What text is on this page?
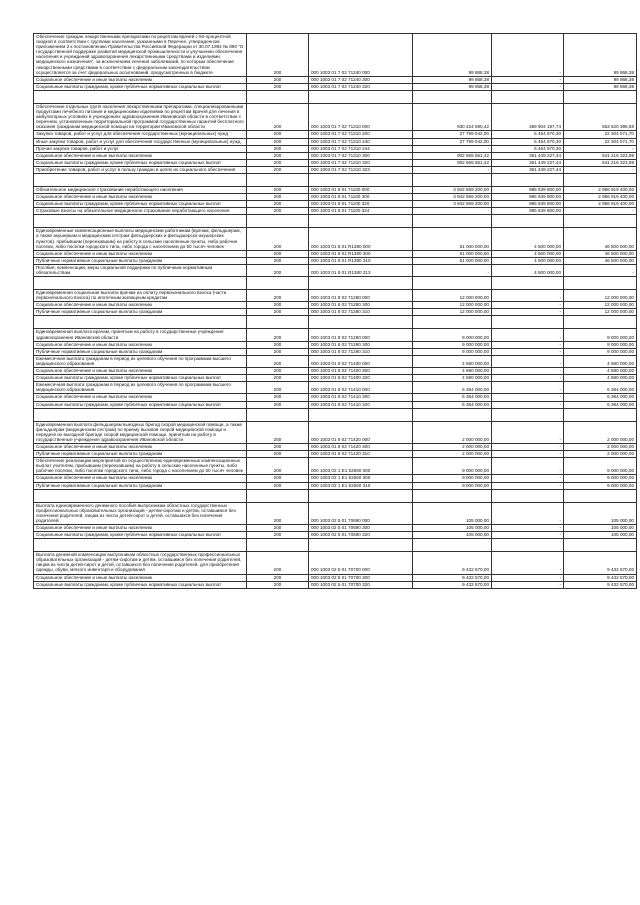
Обеспечение граждан лекарственными препаратами по рецептам врачей с 50-процентной скидкой в соответствии с группами населения, указанными в Перечне, утвержденном приложением 2 к постановлению Правительства Российской Федерации от 30.07.1994 № 890 "О государственной поддержке развития медицинской промышленности и улучшении обеспечения населения и учреждений здравоохранения лекарственными средствами и изделиями медицинского назначения", за исключением лечения заболеваний, по которым обеспечение лекарственными средствами в соответствии с федеральным законодательством осуществляется за счет федеральных ассигнований, предусмотренных в бюджете	200	000 1003 01 7 02 71240 000	99 868,38	-	99 868,38
Социальное обеспечение и иные выплаты населению	200	000 1003 01 7 02 71240 300	99 868,38	-	99 868,38
Социальные выплаты гражданам, кроме публичных нормативных социальных выплат	200	000 1003 01 7 02 71240 320	99 868,38	-	99 868,38

Обеспечение отдельных групп населения лекарственными препаратами, специализированными продуктами лечебного питания и медицинскими изделиями по рецептам врачей для лечения в амбулаторных условиях в учреждениях здравоохранения Ивановской области в соответствии с перечнем, установленным территориальной программой государственных гарантий бесплатного оказания гражданам медицинской помощи на территории Ивановской области	200	000 1003 01 7 02 71310 000	930 424 590,42	369 904 197,74	563 520 395,68
Закупка товаров, работ и услуг для обеспечения государственных (муниципальных) нужд	200	000 1003 01 7 02 71310 200	27 759 042,00	5 454 970,30	22 304 071,70
Иные закупки товаров, работ и услуг для обеспечения государственных (муниципальных) нужд	200	000 1003 01 7 02 71310 240	27 759 042,00	5 454 970,30	22 304 071,70
Прочая закупка товаров, работ и услуг	200	000 1003 01 7 02 71310 244	-	5 454 970,30	-
Социальное обеспечение и иные выплаты населению	200	000 1003 01 7 02 71310 300	902 665 551,42	361 449 227,44	541 216 323,98
Социальные выплаты гражданам, кроме публичных нормативных социальных выплат	200	000 1003 01 7 02 71310 320	902 665 551,42	361 449 227,44	541 216 323,98
Приобретение товаров, работ и услуг в пользу граждан в целях их социального обеспечения	200	000 1003 01 7 02 71310 323	-	361 449 227,44	-

Обязательное медицинское страхование неработающего населения	200	000 1003 01 8 01 71100 000	3 942 559 200,00	985 639 800,00	2 956 919 400,00
Социальное обеспечение и иные выплаты населению	200	000 1003 01 8 01 71100 300	3 942 559 200,00	985 639 800,00	2 956 919 400,00
Социальные выплаты гражданам, кроме публичных нормативных социальных выплат	200	000 1003 01 8 01 71100 320	3 942 559 200,00	985 639 800,00	2 956 919 400,00
Страховые взносы на обязательное медицинское страхование неработающего населения	200	000 1003 01 8 01 71100 324	-	985 639 800,00	-

Единовременные компенсационные выплаты медицинским работникам (врачам, фельдшерам, а также акушеркам и медицинским сестрам фельдшерских и фельдшерско-акушерских пунктов), прибывшим (переехавшим) на работу в сельские населенные пункты, либо рабочие поселки, либо поселки городского типа, либо города с населением до 50 тысяч человек	200	000 1003 01 8 01 R1380 000	51 000 000,00	4 500 000,00	46 500 000,00
Социальное обеспечение и иные выплаты населению	200	000 1003 01 8 01 R1380 300	51 000 000,00	4 500 000,00	46 500 000,00
Публичные нормативные социальные выплаты гражданам	200	000 1003 01 8 01 R1380 310	51 000 000,00	4 500 000,00	46 500 000,00
Пособия, компенсации, меры социальной поддержки по публичным нормативным обязательствам	200	000 1003 01 8 01 R1380 313	-	4 500 000,00	-

Единовременная социальная выплата врачам на оплату первоначального взноса (части первоначального взноса) по ипотечным жилищным кредитам	200	000 1003 01 8 02 71280 000	12 000 000,00	-	12 000 000,00
Социальное обеспечение и иные выплаты населению	200	000 1003 01 8 02 71280 300	12 000 000,00	-	12 000 000,00
Публичные нормативные социальные выплаты гражданам	200	000 1003 01 8 02 71280 310	12 000 000,00	-	12 000 000,00

Единовременная выплата врачам, принятым на работу в государственные учреждения здравоохранения Ивановской области	200	000 1003 01 8 02 71290 000	9 000 000,00	-	9 000 000,00
Социальное обеспечение и иные выплаты населению	200	000 1003 01 8 02 71290 300	9 000 000,00	-	9 000 000,00
Публичные нормативные социальные выплаты гражданам	200	000 1003 01 8 02 71290 310	9 000 000,00	-	9 000 000,00
Ежемесячная выплата гражданам в период их целевого обучения по программам высшего медицинского образования	200	000 1003 01 8 02 71400 000	4 680 000,00	-	4 680 000,00
Социальное обеспечение и иные выплаты населению	200	000 1003 01 8 02 71400 300	4 680 000,00	-	4 680 000,00
Социальные выплаты гражданам, кроме публичных нормативных социальных выплат	200	000 1003 01 8 02 71400 320	4 680 000,00	-	4 680 000,00
Ежемесячная выплата гражданам в период их целевого обучения по программам высшего медицинского образования	200	000 1003 01 8 02 71410 000	6 384 000,00	-	6 384 000,00
Социальное обеспечение и иные выплаты населению	200	000 1003 01 8 02 71410 300	6 384 000,00	-	6 384 000,00
Социальные выплаты гражданам, кроме публичных нормативных социальных выплат	200	000 1003 01 8 02 71410 320	6 384 000,00	-	6 384 000,00

Единовременная выплата фельдшерам выездных бригад скорой медицинской помощи, а также фельдшерам (медицинским сестрам) по приему вызовов скорой медицинской помощи и передаче их выездной бригаде скорой медицинской помощи, принятым на работу в государственные учреждения здравоохранения Ивановской области	200	000 1003 01 8 02 71420 000	2 000 000,00	-	2 000 000,00
Социальное обеспечение и иные выплаты населению	200	000 1003 01 8 02 71420 300	2 000 000,00	-	2 000 000,00
Публичные нормативные социальные выплаты гражданам	200	000 1003 01 8 02 71420 310	2 000 000,00	-	2 000 000,00
Обеспечение реализации мероприятий по осуществлению единовременных компенсационных выплат учителям, прибывшим (переехавшим) на работу в сельские населенные пункты, либо рабочие поселки, либо поселки городского типа, либо города с населением до 50 тысяч человек	200	000 1003 02 1 E1 52560 000	9 000 000,00	-	9 000 000,00
Социальное обеспечение и иные выплаты населению	200	000 1003 02 1 E1 52560 300	9 000 000,00	-	9 000 000,00
Публичные нормативные социальные выплаты гражданам	200	000 1003 02 1 E1 52560 310	9 000 000,00	-	9 000 000,00

Выплата единовременного денежного пособия выпускникам областных государственных профессиональных образовательных организаций - детям-сиротам и детям, оставшимся без попечения родителей, лицам из числа детей-сирот и детей, оставшихся без попечения родителей	200	000 1003 02 5 01 70690 000	105 000,00	-	105 000,00
Социальное обеспечение и иные выплаты населению	200	000 1003 02 5 01 70690 300	105 000,00	-	105 000,00
Социальные выплаты гражданам, кроме публичных нормативных социальных выплат	200	000 1003 02 5 01 70690 320	105 000,00	-	105 000,00

Выплата денежной компенсации выпускникам областных государственных профессиональных образовательных организаций - детям-сиротам и детям, оставшимся без попечения родителей, лицам из числа детей-сирот и детей, оставшихся без попечения родителей, для приобретения одежды, обуви, мягкого инвентаря и оборудования	200	000 1003 02 5 01 70700 000	9 432 570,00	-	9 432 570,00
Социальное обеспечение и иные выплаты населению	200	000 1003 02 5 01 70700 300	9 432 570,00	-	9 432 570,00
Социальные выплаты гражданам, кроме публичных нормативных социальных выплат	200	000 1003 02 5 01 70700 320	9 432 570,00	-	9 432 570,00
